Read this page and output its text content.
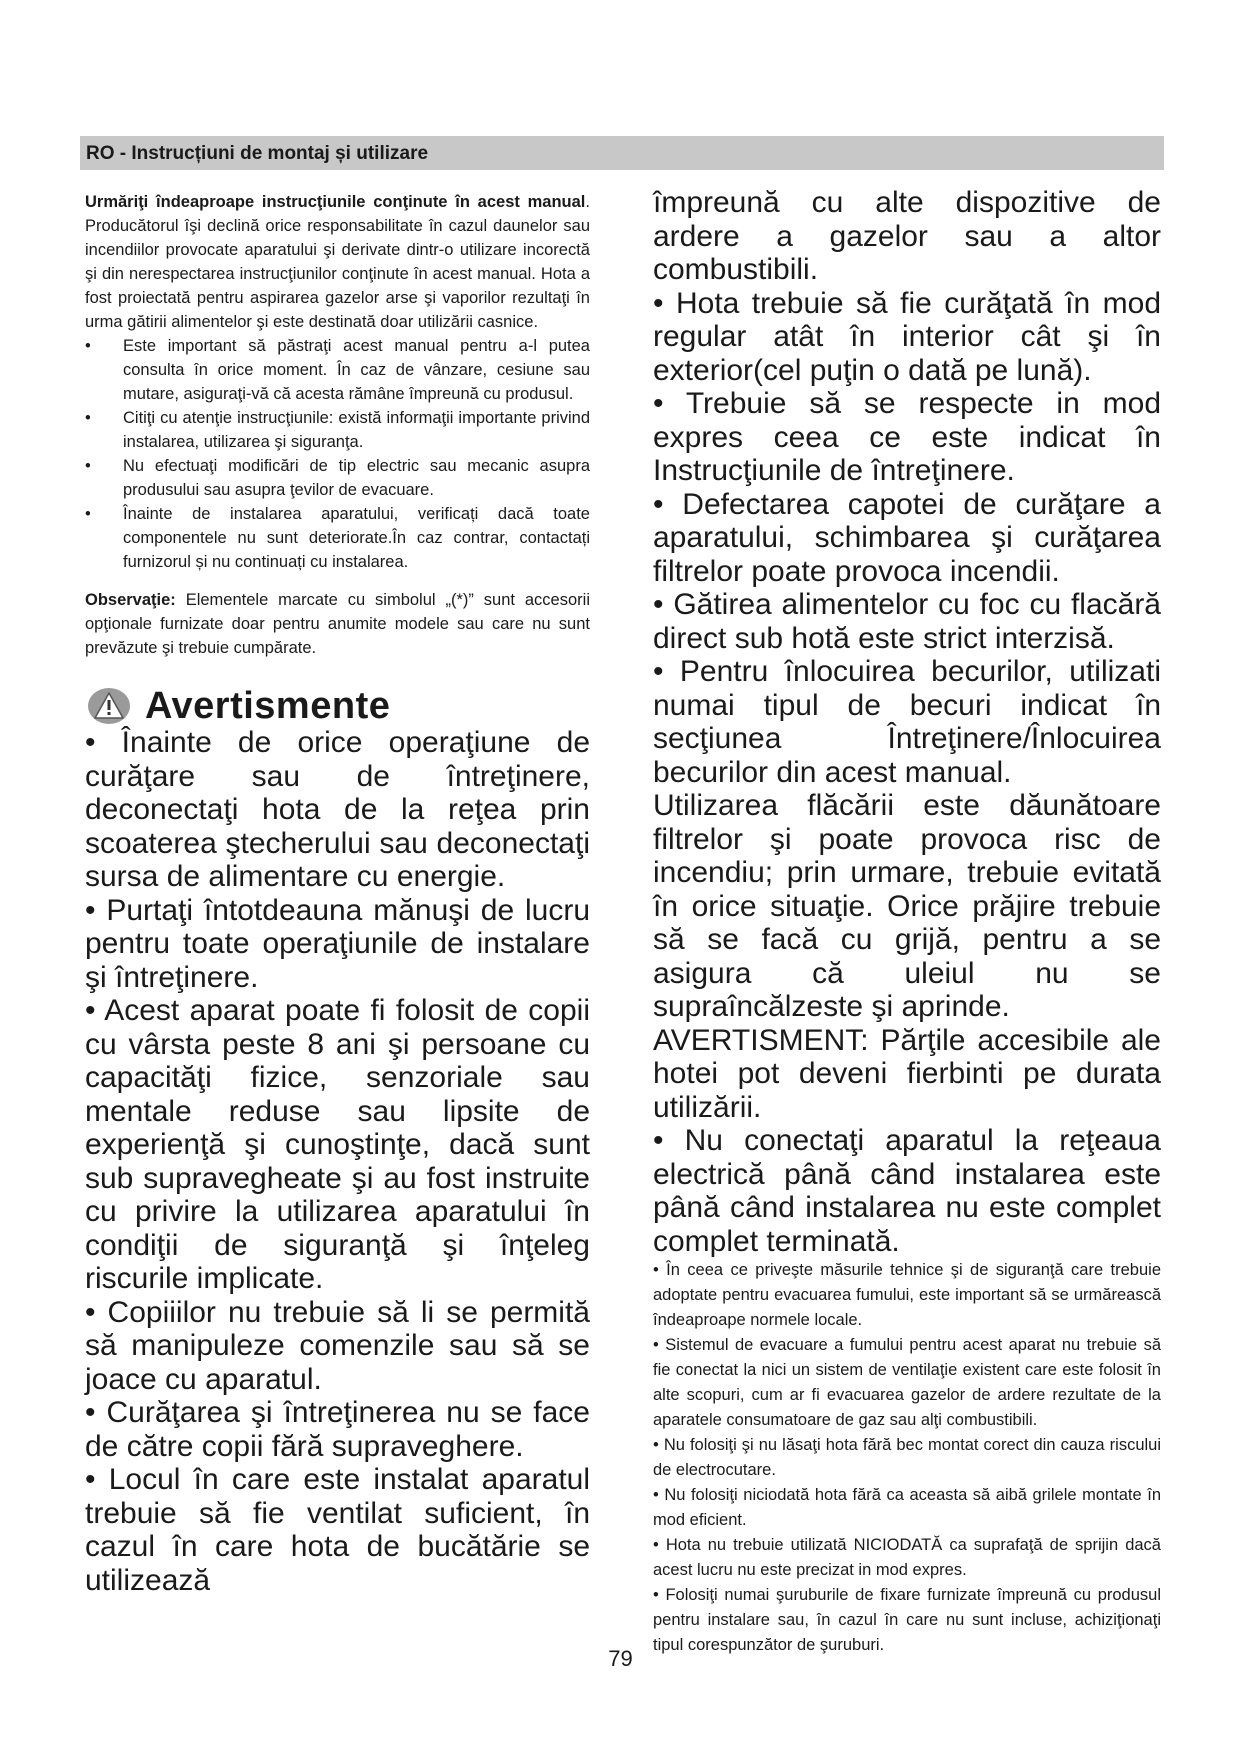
RO - Instrucțiuni de montaj și utilizare

Urmăriţi îndeaproape instrucţiunile conţinute în acest manual. Producătorul îşi declină orice responsabilitate în cazul daunelor sau incendiilor provocate aparatului şi derivate dintr-o utilizare incorectă şi din nerespectarea instrucţiunilor conţinute în acest manual. Hota a fost proiectată pentru aspirarea gazelor arse şi vaporilor rezultaţi în urma gătirii alimentelor şi este destinată doar utilizării casnice.

• Este important să păstraţi acest manual pentru a-l putea consulta în orice moment. În caz de vânzare, cesiune sau mutare, asiguraţi-vă că acesta rămâne împreună cu produsul.
• Citiţi cu atenţie instrucţiunile: există informaţii importante privind instalarea, utilizarea şi siguranţa.
• Nu efectuaţi modificări de tip electric sau mecanic asupra produsului sau asupra ţevilor de evacuare.
• Înainte de instalarea aparatului, verificați dacă toate componentele nu sunt deteriorate.În caz contrar, contactați furnizorul și nu continuați cu instalarea.

Observaţie: Elementele marcate cu simbolul „(*)” sunt accesorii opţionale furnizate doar pentru anumite modele sau care nu sunt prevăzute şi trebuie cumpărate.

Avertismente

• Înainte de orice operaţiune de curăţare sau de întreţinere, deconectaţi hota de la reţea prin scoaterea ştecherului sau deconectaţi sursa de alimentare cu energie.

• Purtaţi întotdeauna mănuşi de lucru pentru toate operaţiunile de instalare şi întreţinere.

• Acest aparat poate fi folosit de copii cu vârsta peste 8 ani şi persoane cu capacităţi fizice, senzoriale sau mentale reduse sau lipsite de experienţă şi cunoştinţe, dacă sunt sub supravegheate şi au fost instruite cu privire la utilizarea aparatului în condiţii de siguranţă şi înţeleg riscurile implicate.

• Copiiilor nu trebuie să li se permită să manipuleze comenzile sau să se joace cu aparatul.

• Curăţarea şi întreţinerea nu se face de către copii fără supraveghere.

• Locul în care este instalat aparatul trebuie să fie ventilat suficient, în cazul în care hota de bucătărie se utilizează

împreună cu alte dispozitive de ardere a gazelor sau a altor combustibili.

• Hota trebuie să fie curăţată în mod regular atât în interior cât şi în exterior(cel puţin o dată pe lună).

• Trebuie să se respecte in mod expres ceea ce este indicat în Instrucţiunile de întreţinere.

• Defectarea capotei de curăţare a aparatului, schimbarea şi curăţarea filtrelor poate provoca incendii.

• Gătirea alimentelor cu foc cu flacără direct sub hotă este strict interzisă.

• Pentru înlocuirea becurilor, utilizati numai tipul de becuri indicat în secţiunea Întreţinere/Înlocuirea becurilor din acest manual.

Utilizarea flăcării este dăunătoare filtrelor şi poate provoca risc de incendiu; prin urmare, trebuie evitată în orice situaţie. Orice prăjire trebuie să se facă cu grijă, pentru a se asigura că uleiul nu se supraîncălzeste şi aprinde.

AVERTISMENT: Părţile accesibile ale hotei pot deveni fierbinti pe durata utilizării.

• Nu conectaţi aparatul la reţeaua electrică până când instalarea este până când instalarea nu este complet complet terminată.

• În ceea ce priveşte măsurile tehnice şi de siguranţă care trebuie adoptate pentru evacuarea fumului, este important să se urmărească îndeaproape normele locale.

• Sistemul de evacuare a fumului pentru acest aparat nu trebuie să fie conectat la nici un sistem de ventilaţie existent care este folosit în alte scopuri, cum ar fi evacuarea gazelor de ardere rezultate de la aparatele consumatoare de gaz sau alţi combustibili.

• Nu folosiţi şi nu lăsaţi hota fără bec montat corect din cauza riscului de electrocutare.

• Nu folosiţi niciodată hota fără ca aceasta să aibă grilele montate în mod eficient.

• Hota nu trebuie utilizată NICIODATĂ ca suprafaţă de sprijin dacă acest lucru nu este precizat in mod expres.

• Folosiţi numai şuruburile de fixare furnizate împreună cu produsul pentru instalare sau, în cazul în care nu sunt incluse, achiziţionaţi tipul corespunzător de şuruburi.

79
